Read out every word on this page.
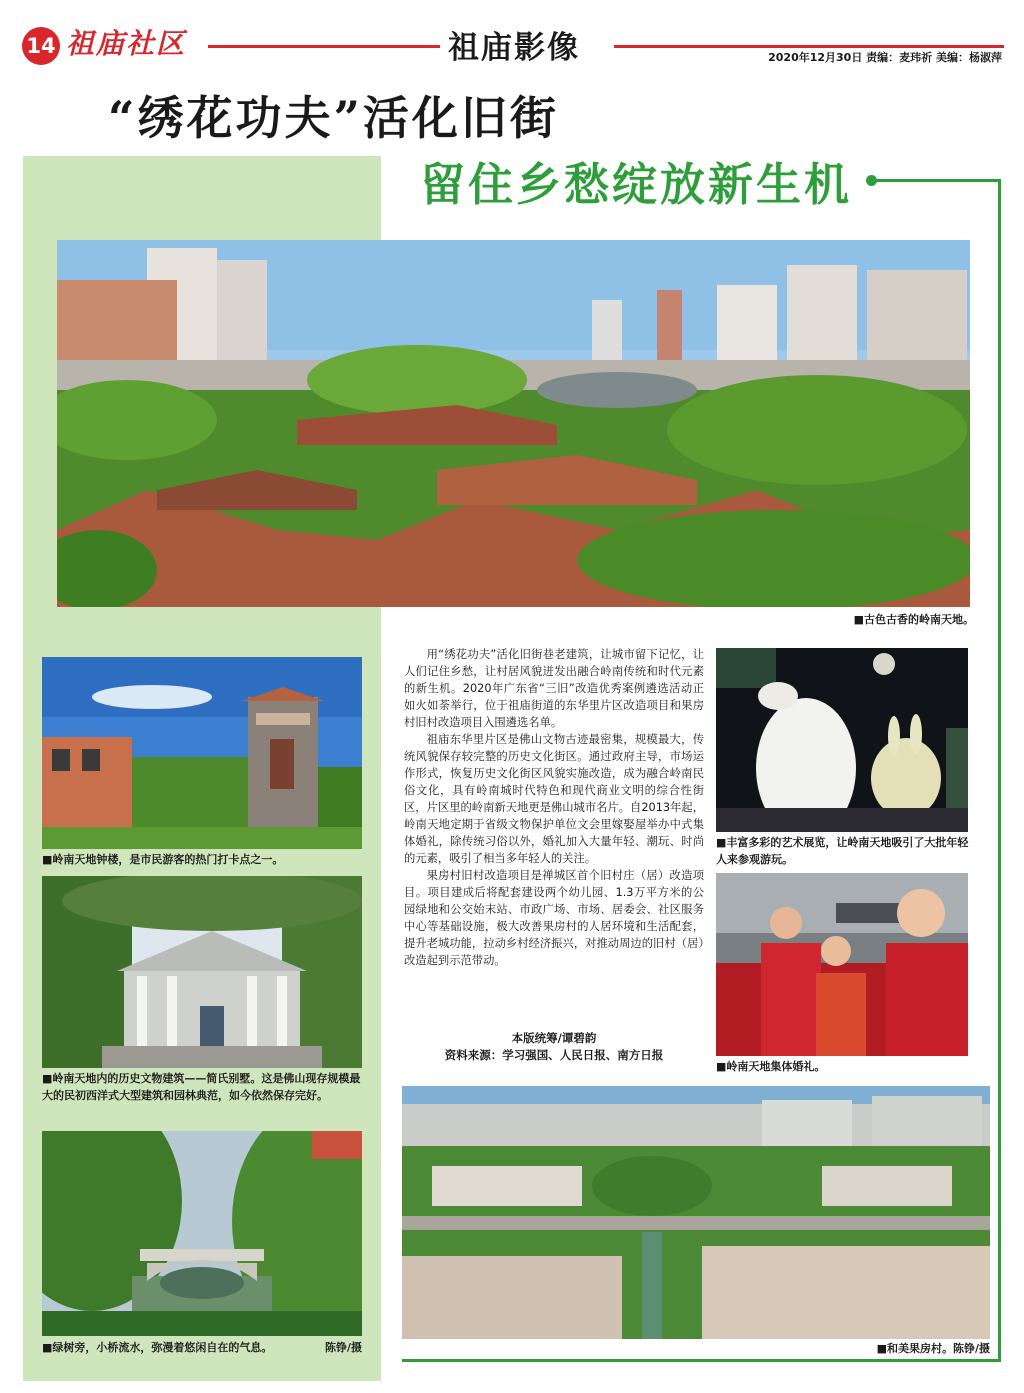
14 祖庙社区	祖庙影像	2020年12月30日 责编：麦玮祈 美编：杨淑萍
“绣花功夫”活化旧街
留住乡愁绽放新生机
■古色古香的岭南天地。
■岭南天地钟楼，是市民游客的热门打卡点之一。
■岭南天地内的历史文物建筑——简氏别墅。这是佛山现存规模最大的民初西洋式大型建筑和园林典范，如今依然保存完好。
陈铮/摄
■绿树旁，小桥流水，弥漫着悠闲自在的气息。

用“绣花功夫”活化旧街巷老建筑，让城市留下记忆，让人们记住乡愁，让村居风貌迸发出融合岭南传统和时代元素的新生机。2020年广东省“三旧”改造优秀案例遴选活动正如火如荼举行，位于祖庙街道的东华里片区改造项目和果房村旧村改造项目入围遴选名单。

祖庙东华里片区是佛山文物古迹最密集，规模最大，传统风貌保存较完整的历史文化街区。通过政府主导，市场运作形式，恢复历史文化街区风貌实施改造，成为融合岭南民俗文化，具有岭南城时代特色和现代商业文明的综合性街区，片区里的岭南新天地更是佛山城市名片。自2013年起，岭南天地定期于省级文物保护单位文会里嫁娶屋举办中式集体婚礼，除传统习俗以外，婚礼加入大量年轻、潮玩、时尚的元素，吸引了相当多年轻人的关注。

果房村旧村改造项目是禅城区首个旧村庄（居）改造项目。项目建成后将配套建设两个幼儿园、1.3万平方米的公园绿地和公交始末站、市政广场、市场、居委会、社区服务中心等基础设施，极大改善果房村的人居环境和生活配套，提升老城功能，拉动乡村经济振兴，对推动周边的旧村（居）改造起到示范带动。

本版统筹/谭碧韵
资料来源：学习强国、人民日报、南方日报
■丰富多彩的艺术展览，让岭南天地吸引了大批年轻人来参观游玩。
■岭南天地集体婚礼。
■和美果房村。陈铮/摄
